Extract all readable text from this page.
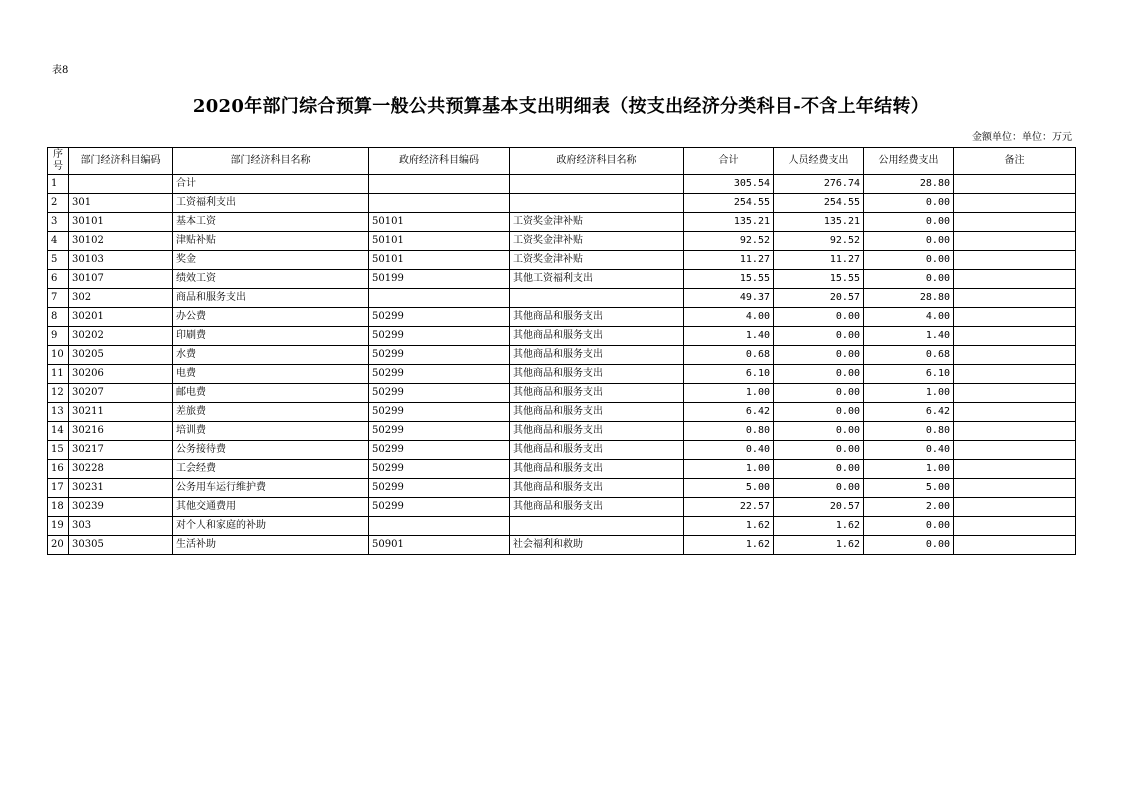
表8
2020年部门综合预算一般公共预算基本支出明细表（按支出经济分类科目-不含上年结转）
金额单位：单位：万元
序号	部门经济科目编码	部门经济科目名称	政府经济科目编码	政府经济科目名称	合计	人员经费支出	公用经费支出	备注
1		合计			305.54	276.74	28.80	
2	301	工资福利支出			254.55	254.55	0.00	
3	30101	基本工资	50101	工资奖金津补贴	135.21	135.21	0.00	
4	30102	津贴补贴	50101	工资奖金津补贴	92.52	92.52	0.00	
5	30103	奖金	50101	工资奖金津补贴	11.27	11.27	0.00	
6	30107	绩效工资	50199	其他工资福利支出	15.55	15.55	0.00	
7	302	商品和服务支出			49.37	20.57	28.80	
8	30201	办公费	50299	其他商品和服务支出	4.00	0.00	4.00	
9	30202	印刷费	50299	其他商品和服务支出	1.40	0.00	1.40	
10	30205	水费	50299	其他商品和服务支出	0.68	0.00	0.68	
11	30206	电费	50299	其他商品和服务支出	6.10	0.00	6.10	
12	30207	邮电费	50299	其他商品和服务支出	1.00	0.00	1.00	
13	30211	差旅费	50299	其他商品和服务支出	6.42	0.00	6.42	
14	30216	培训费	50299	其他商品和服务支出	0.80	0.00	0.80	
15	30217	公务接待费	50299	其他商品和服务支出	0.40	0.00	0.40	
16	30228	工会经费	50299	其他商品和服务支出	1.00	0.00	1.00	
17	30231	公务用车运行维护费	50299	其他商品和服务支出	5.00	0.00	5.00	
18	30239	其他交通费用	50299	其他商品和服务支出	22.57	20.57	2.00	
19	303	对个人和家庭的补助			1.62	1.62	0.00	
20	30305	生活补助	50901	社会福利和救助	1.62	1.62	0.00	
